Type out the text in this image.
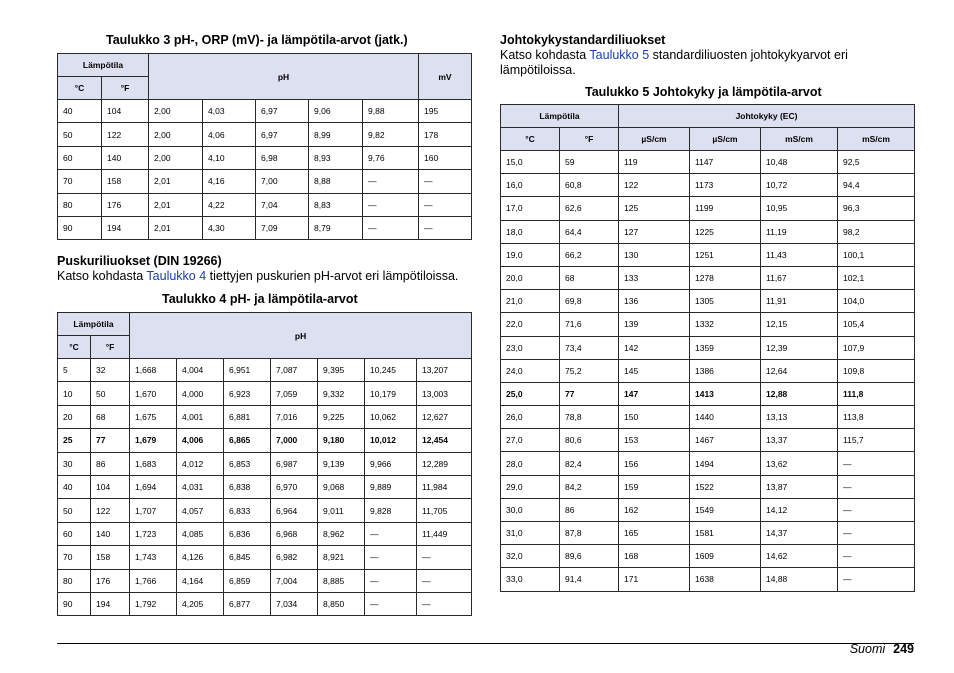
Taulukko 3 pH-, ORP (mV)- ja lämpötila-arvot (jatk.)
Lämpötila		pH					mV
°C	°F						
40	104	2,00	4,03	6,97	9,06	9,88	195
50	122	2,00	4,06	6,97	8,99	9,82	178
60	140	2,00	4,10	6,98	8,93	9,76	160
70	158	2,01	4,16	7,00	8,88	—	—
80	176	2,01	4,22	7,04	8,83	—	—
90	194	2,01	4,30	7,09	8,79	—	—
Puskuriliuokset (DIN 19266)
Katso kohdasta Taulukko 4 tiettyjen puskurien pH-arvot eri lämpötiloissa.
Taulukko 4 pH- ja lämpötila-arvot
Lämpötila		pH						
°C	°F							
5	32	1,668	4,004	6,951	7,087	9,395	10,245	13,207
10	50	1,670	4,000	6,923	7,059	9,332	10,179	13,003
20	68	1,675	4,001	6,881	7,016	9,225	10,062	12,627
25	77	1,679	4,006	6,865	7,000	9,180	10,012	12,454
30	86	1,683	4,012	6,853	6,987	9,139	9,966	12,289
40	104	1,694	4,031	6,838	6,970	9,068	9,889	11,984
50	122	1,707	4,057	6,833	6,964	9,011	9,828	11,705
60	140	1,723	4,085	6,836	6,968	8,962	—	11,449
70	158	1,743	4,126	6,845	6,982	8,921	—	—
80	176	1,766	4,164	6,859	7,004	8,885	—	—
90	194	1,792	4,205	6,877	7,034	8,850	—	—
Johtokykystandardiliuokset
Katso kohdasta Taulukko 5 standardiliuosten johtokykyarvot eri lämpötiloissa.
Taulukko 5 Johtokyky ja lämpötila-arvot
Lämpötila		Johtokyky (EC)			
°C	°F	µS/cm	µS/cm	mS/cm	mS/cm
15,0	59	119	1147	10,48	92,5
16,0	60,8	122	1173	10,72	94,4
17,0	62,6	125	1199	10,95	96,3
18,0	64,4	127	1225	11,19	98,2
19,0	66,2	130	1251	11,43	100,1
20,0	68	133	1278	11,67	102,1
21,0	69,8	136	1305	11,91	104,0
22,0	71,6	139	1332	12,15	105,4
23,0	73,4	142	1359	12,39	107,9
24,0	75,2	145	1386	12,64	109,8
25,0	77	147	1413	12,88	111,8
26,0	78,8	150	1440	13,13	113,8
27,0	80,6	153	1467	13,37	115,7
28,0	82,4	156	1494	13,62	—
29,0	84,2	159	1522	13,87	—
30,0	86	162	1549	14,12	—
31,0	87,8	165	1581	14,37	—
32,0	89,6	168	1609	14,62	—
33,0	91,4	171	1638	14,88	—
Suomi 249
